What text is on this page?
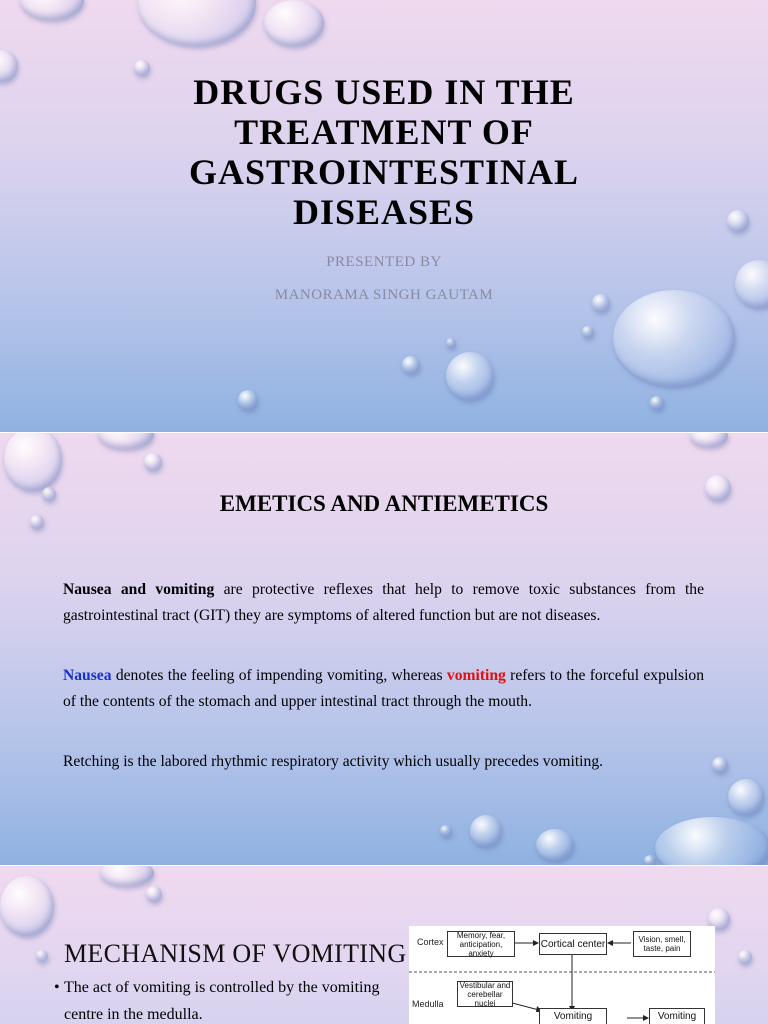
DRUGS USED IN THE
TREATMENT OF
GASTROINTESTINAL
DISEASES
PRESENTED BY
MANORAMA SINGH GAUTAM
EMETICS AND ANTIEMETICS

Nausea and vomiting are protective reflexes that help to remove toxic substances from the gastrointestinal tract (GIT) they are symptoms of altered function but are not diseases.

Nausea denotes the feeling of impending vomiting, whereas vomiting refers to the forceful expulsion of the contents of the stomach and upper intestinal tract through the mouth.

Retching is the labored rhythmic respiratory activity which usually precedes vomiting.

MECHANISM OF VOMITING
• The act of vomiting is controlled by the vomiting centre in the medulla.
Cortex
Medulla
Memory, fear, anticipation, anxiety
Cortical center	Vision, smell, taste, pain
Vestibular and cerebellar nuclei
Vomiting	Vomiting
